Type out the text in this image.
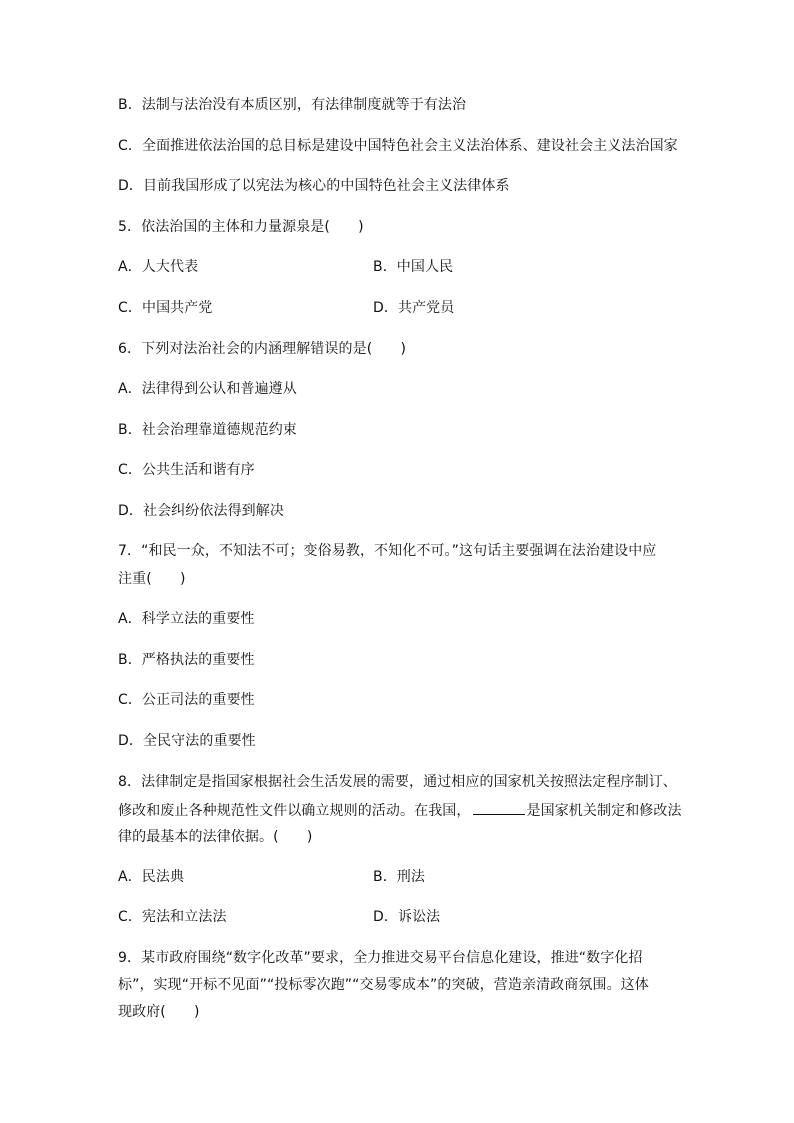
B．法制与法治没有本质区别，有法律制度就等于有法治
C．全面推进依法治国的总目标是建设中国特色社会主义法治体系、建设社会主义法治国家
D．目前我国形成了以宪法为核心的中国特色社会主义法律体系
5．依法治国的主体和力量源泉是(　　)
A．人大代表	B．中国人民
C．中国共产党	D．共产党员
6．下列对法治社会的内涵理解错误的是(　　)
A．法律得到公认和普遍遵从
B．社会治理靠道德规范约束
C．公共生活和谐有序
D．社会纠纷依法得到解决
7．“和民一众，不知法不可；变俗易教，不知化不可。”这句话主要强调在法治建设中应
注重(　　)
A．科学立法的重要性
B．严格执法的重要性
C．公正司法的重要性
D．全民守法的重要性
8．法律制定是指国家根据社会生活发展的需要，通过相应的国家机关按照法定程序制订、
修改和废止各种规范性文件以确立规则的活动。在我国，	是国家机关制定和修改法
律的最基本的法律依据。(　　)
A．民法典	B．刑法
C．宪法和立法法	D．诉讼法
9．某市政府围绕“数字化改革”要求，全力推进交易平台信息化建设，推进“数字化招
标”，实现“开标不见面”“投标零次跑”“交易零成本”的突破，营造亲清政商氛围。这体
现政府(　　)
